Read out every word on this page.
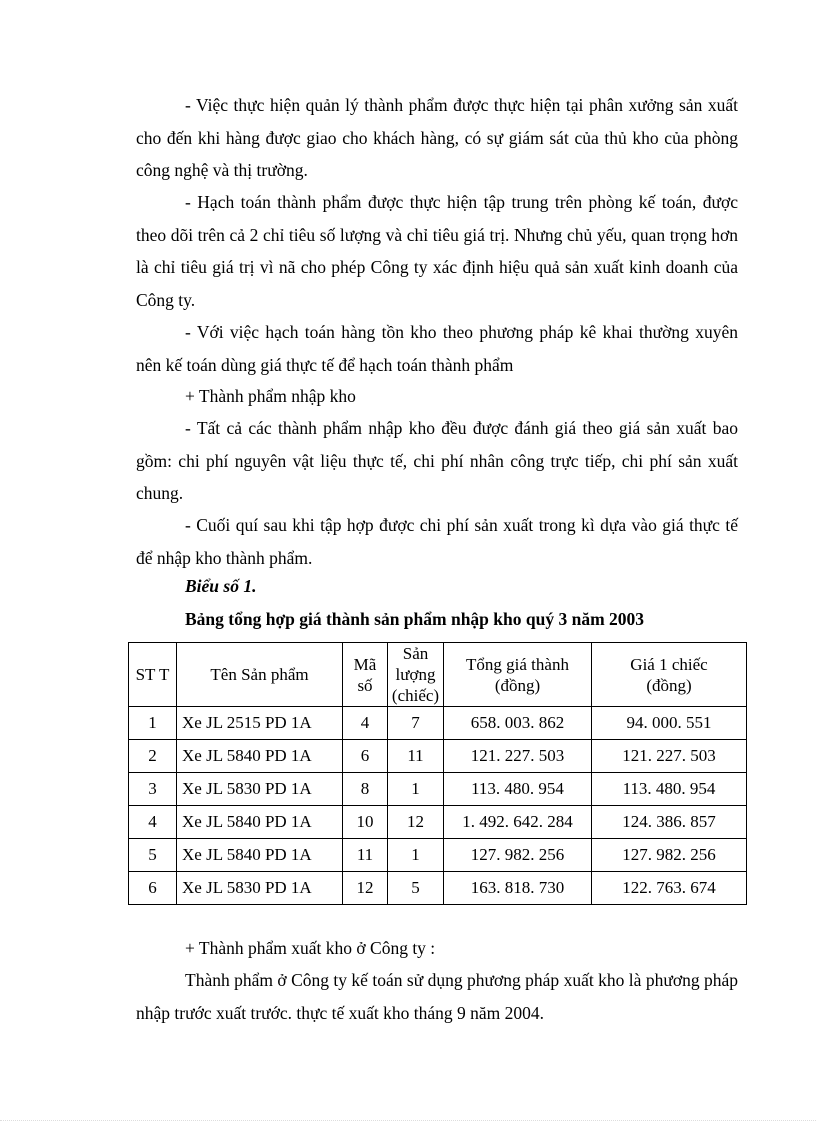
- Việc thực hiện quản lý thành phẩm được thực hiện tại phân xưởng sản xuất cho đến khi hàng được giao cho khách hàng, có sự giám sát của thủ kho của phòng công nghệ và thị trường.

- Hạch toán thành phẩm được thực hiện tập trung trên phòng kế toán, được theo dõi trên cả 2 chỉ tiêu số lượng và chỉ tiêu giá trị. Nhưng chủ yếu, quan trọng hơn là chỉ tiêu giá trị vì nã cho phép Công ty xác định hiệu quả sản xuất kinh doanh của Công ty.

- Với việc hạch toán hàng tồn kho theo phương pháp kê khai thường xuyên nên kế toán dùng giá thực tế để hạch toán thành phẩm

+ Thành phẩm nhập kho

- Tất cả các thành phẩm nhập kho đều được đánh giá theo giá sản xuất bao gồm: chi phí nguyên vật liệu thực tế, chi phí nhân công trực tiếp, chi phí sản xuất chung.

- Cuối quí sau khi tập hợp được chi phí sản xuất trong kì dựa vào giá thực tế để nhập kho thành phẩm.

Biểu số 1.

Bảng tổng hợp giá thành sản phẩm nhập kho quý 3 năm 2003

ST T	Tên Sản phẩm	Mã số	Sản lượng (chiếc)	Tổng giá thành (đồng)	Giá 1 chiếc (đồng)
1	Xe JL 2515 PD 1A	4	7	658. 003. 862	94. 000. 551
2	Xe JL 5840 PD 1A	6	11	121. 227. 503	121. 227. 503
3	Xe JL 5830 PD 1A	8	1	113. 480. 954	113. 480. 954
4	Xe JL 5840 PD 1A	10	12	1. 492. 642. 284	124. 386. 857
5	Xe JL 5840 PD 1A	11	1	127. 982. 256	127. 982. 256
6	Xe JL 5830 PD 1A	12	5	163. 818. 730	122. 763. 674

+ Thành phẩm xuất kho ở Công ty :

Thành phẩm ở Công ty kế toán sử dụng phương pháp xuất kho là phương pháp nhập trước xuất trước. thực tế xuất kho tháng 9 năm 2004.
